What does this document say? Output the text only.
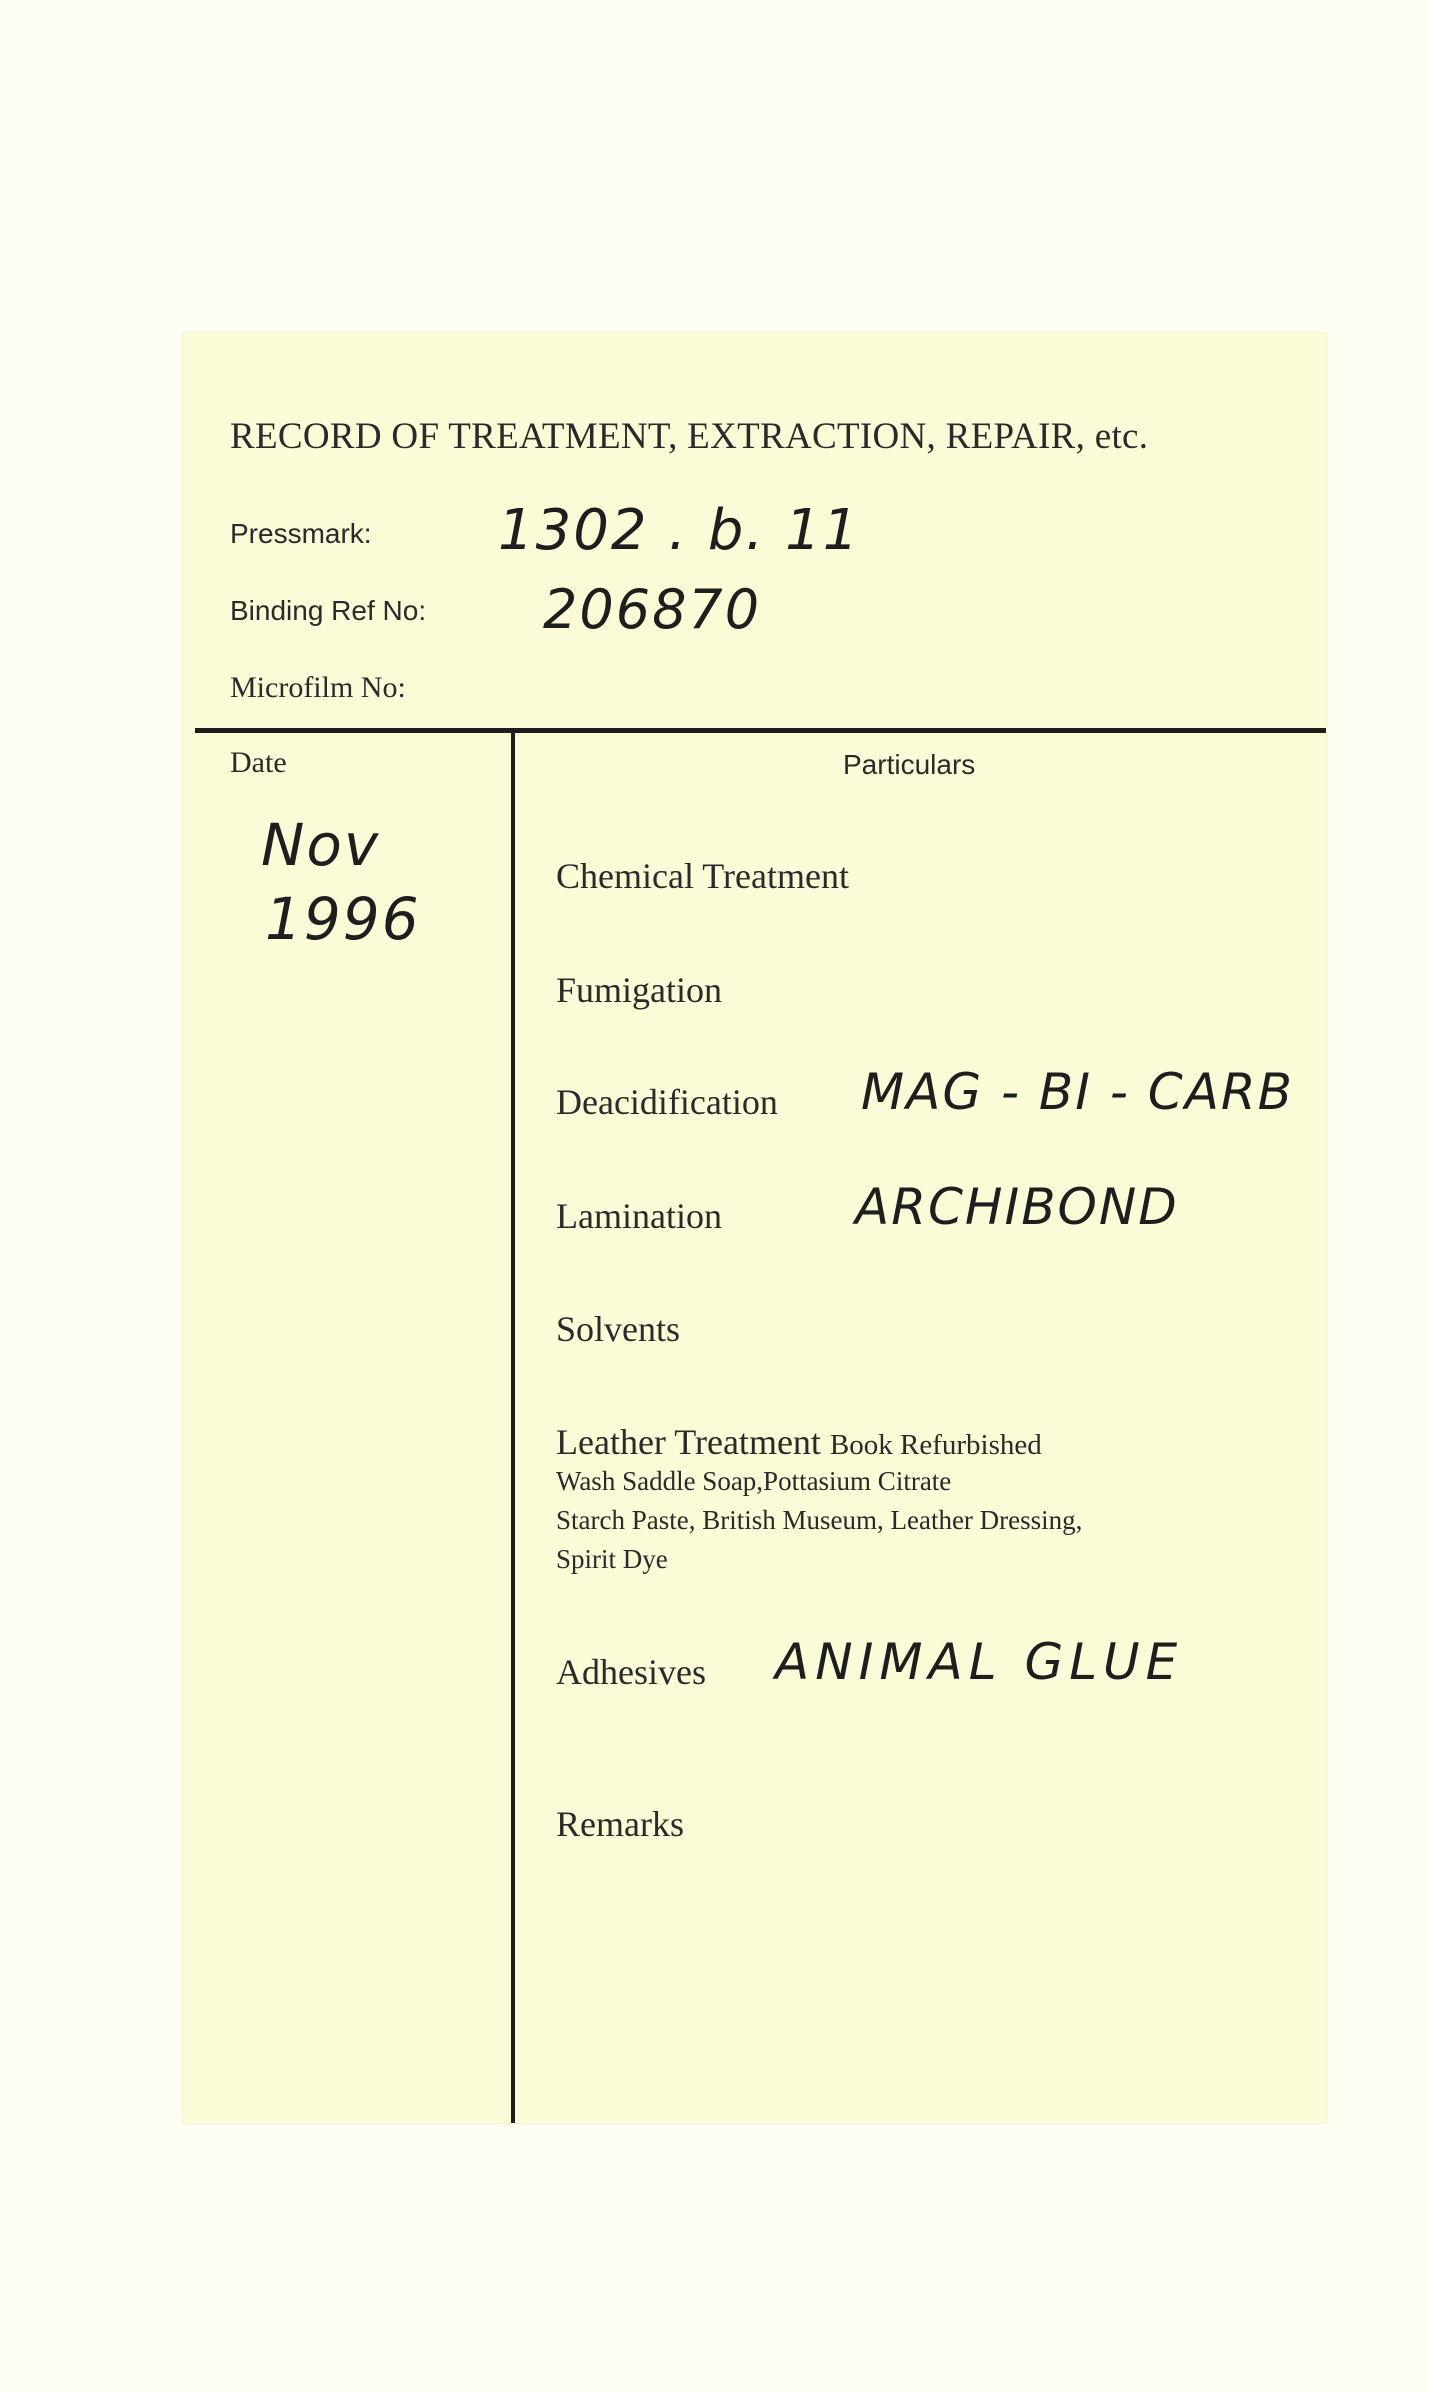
RECORD OF TREATMENT, EXTRACTION, REPAIR, etc.
Pressmark: 1302 . b. 11
Binding Ref No: 206870
Microfilm No:
Date	Particulars
Nov
1996
Chemical Treatment
Fumigation
Deacidification MAG - BI - CARB
Lamination	ARCHIBOND
Solvents
Leather Treatment Book Refurbished
Wash Saddle Soap,Pottasium Citrate
Starch Paste, British Museum, Leather Dressing,
Spirit Dye
Adhesives ANIMAL GLUE
Remarks
